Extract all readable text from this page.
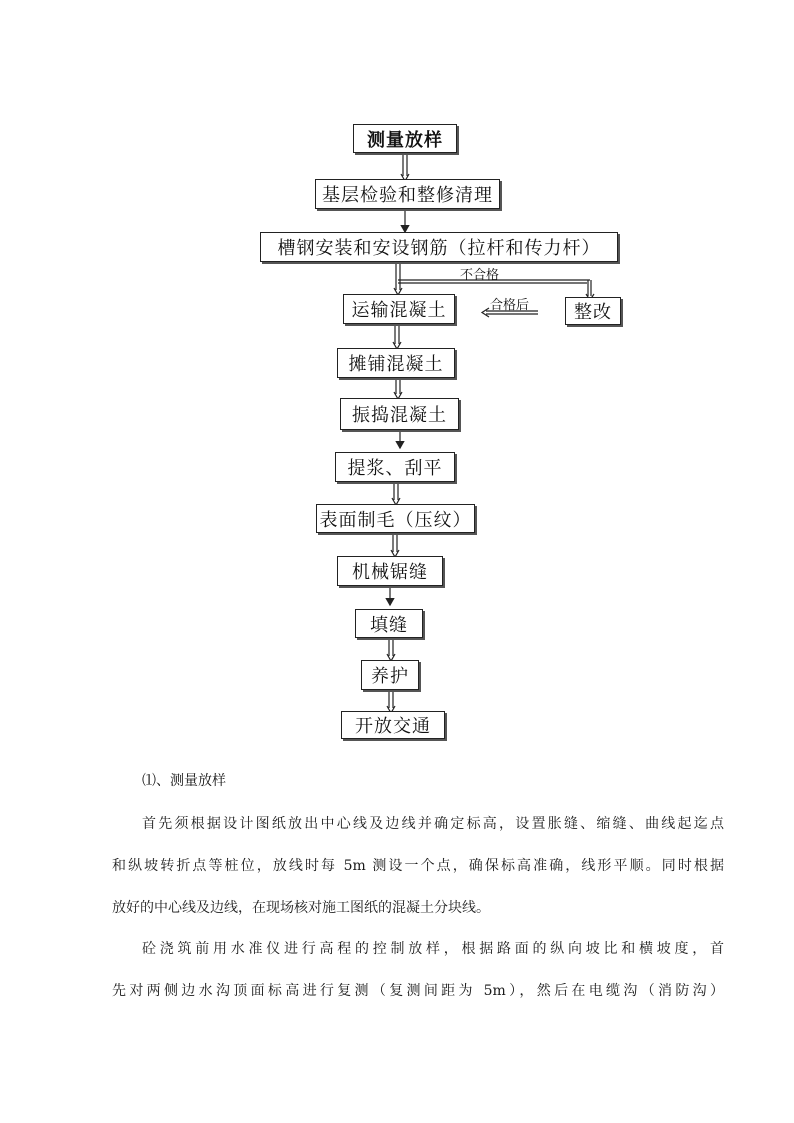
测量放样
基层检验和整修清理
槽钢安装和安设钢筋（拉杆和传力杆）
运输混凝土	整改
摊铺混凝土
振捣混凝土
提浆、刮平
表面制毛（压纹）
机械锯缝
填缝
养护
开放交通
不合格
合格后
⑴、测量放样
首先须根据设计图纸放出中心线及边线并确定标高，设置胀缝、缩缝、曲线起迄点
和纵坡转折点等桩位，放线时每 5m 测设一个点，确保标高准确，线形平顺。同时根据
放好的中心线及边线，在现场核对施工图纸的混凝土分块线。
砼浇筑前用水准仪进行高程的控制放样，根据路面的纵向坡比和横坡度，首
先对两侧边水沟顶面标高进行复测（复测间距为 5m），然后在电缆沟（消防沟）
